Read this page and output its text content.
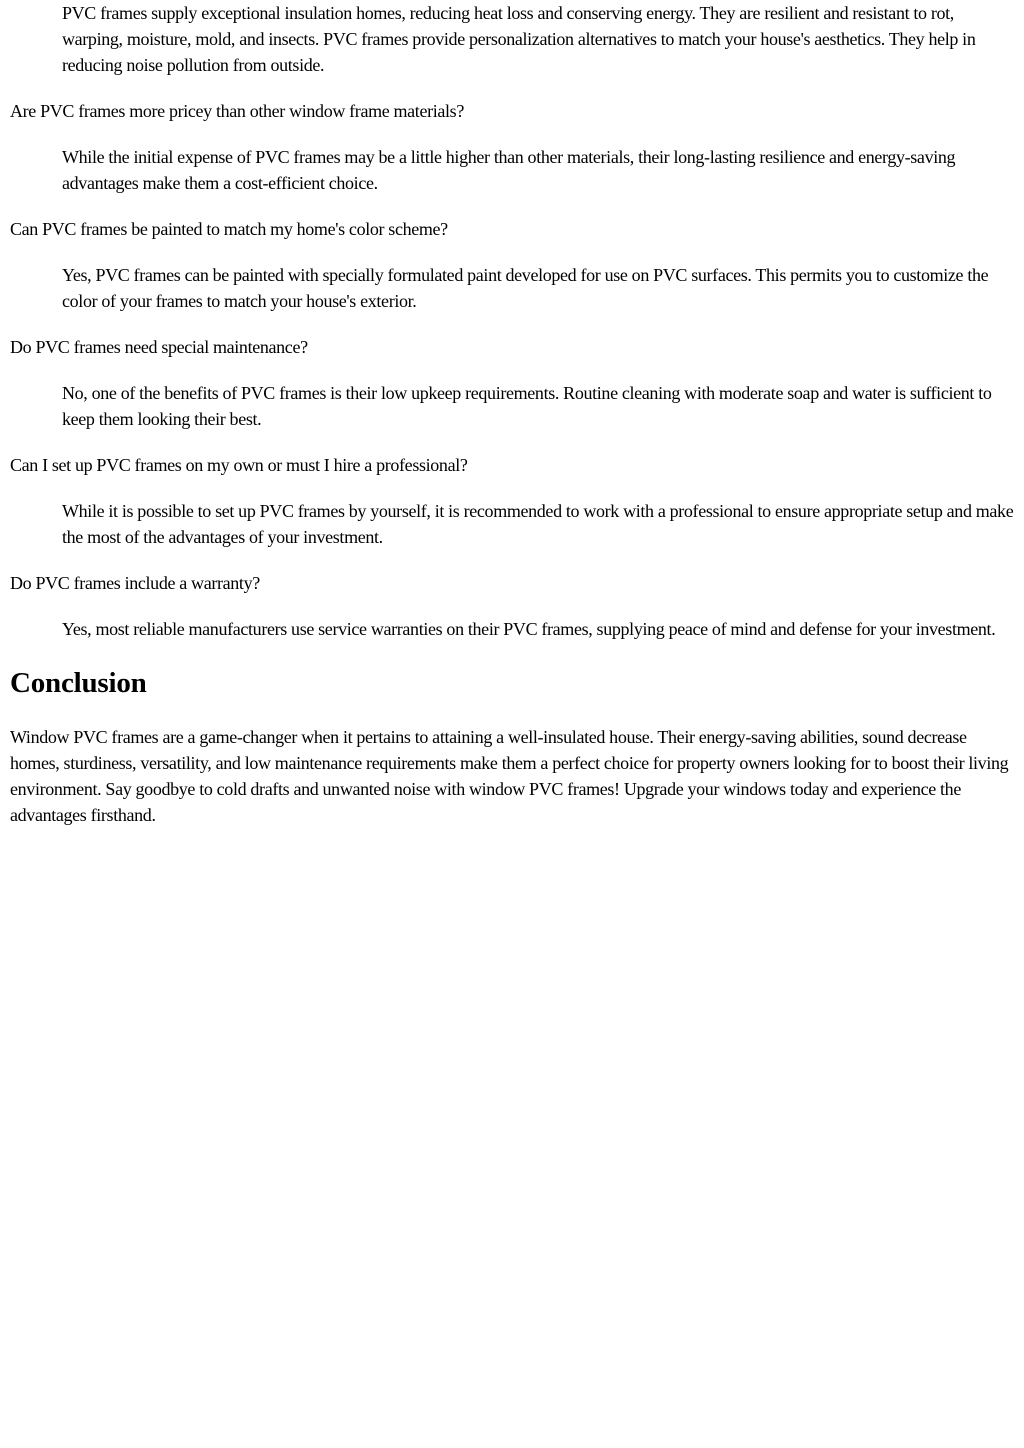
PVC frames supply exceptional insulation homes, reducing heat loss and conserving energy. They are resilient and resistant to rot, warping, moisture, mold, and insects. PVC frames provide personalization alternatives to match your house's aesthetics. They help in reducing noise pollution from outside.

Are PVC frames more pricey than other window frame materials?

While the initial expense of PVC frames may be a little higher than other materials, their long-lasting resilience and energy-saving advantages make them a cost-efficient choice.

Can PVC frames be painted to match my home's color scheme?

Yes, PVC frames can be painted with specially formulated paint developed for use on PVC surfaces. This permits you to customize the color of your frames to match your house's exterior.

Do PVC frames need special maintenance?

No, one of the benefits of PVC frames is their low upkeep requirements. Routine cleaning with moderate soap and water is sufficient to keep them looking their best.

Can I set up PVC frames on my own or must I hire a professional?

While it is possible to set up PVC frames by yourself, it is recommended to work with a professional to ensure appropriate setup and make the most of the advantages of your investment.

Do PVC frames include a warranty?

Yes, most reliable manufacturers use service warranties on their PVC frames, supplying peace of mind and defense for your investment.

Conclusion

Window PVC frames are a game-changer when it pertains to attaining a well-insulated house. Their energy-saving abilities, sound decrease homes, sturdiness, versatility, and low maintenance requirements make them a perfect choice for property owners looking for to boost their living environment. Say goodbye to cold drafts and unwanted noise with window PVC frames! Upgrade your windows today and experience the advantages firsthand.
